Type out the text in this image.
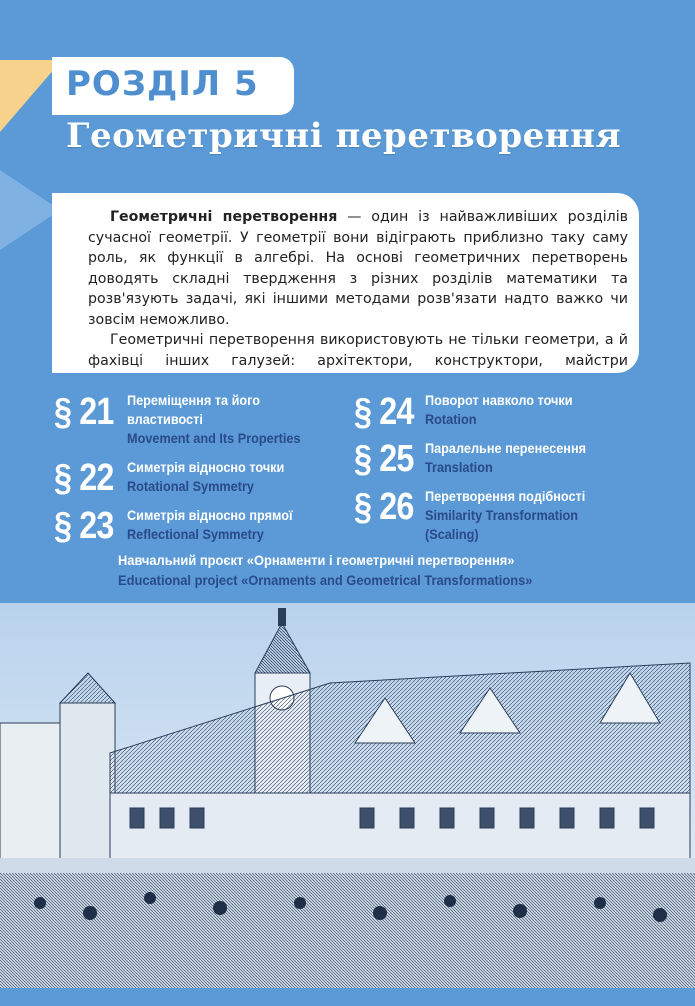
РОЗДІЛ 5
Геометричні перетворення

Геометричні перетворення — один із найважливіших розділів сучасної геометрії. У геометрії вони відіграють приблизно таку саму роль, як функції в алгебрі. На основі геометричних перетворень доводять складні твердження з різних розділів математики та розв'язують задачі, які іншими методами розв'язати надто важко чи зовсім неможливо.

Геометричні перетворення використовують не тільки геометри, а й фахівці інших галузей: архітектори, конструктори, майстри

§ 21 Переміщення та його
властивості
Movement and Its Properties
§ 22 Симетрія відносно точки
Rotational Symmetry
§ 23 Симетрія відносно прямої
Reflectional Symmetry
§ 24 Поворот навколо точки
Rotation
§ 25 Паралельне перенесення
Translation
§ 26 Перетворення подібності
Similarity Transformation
(Scaling)
Навчальний проєкт «Орнаменти і геометричні перетворення»
Educational project «Ornaments and Geometrical Transformations»
